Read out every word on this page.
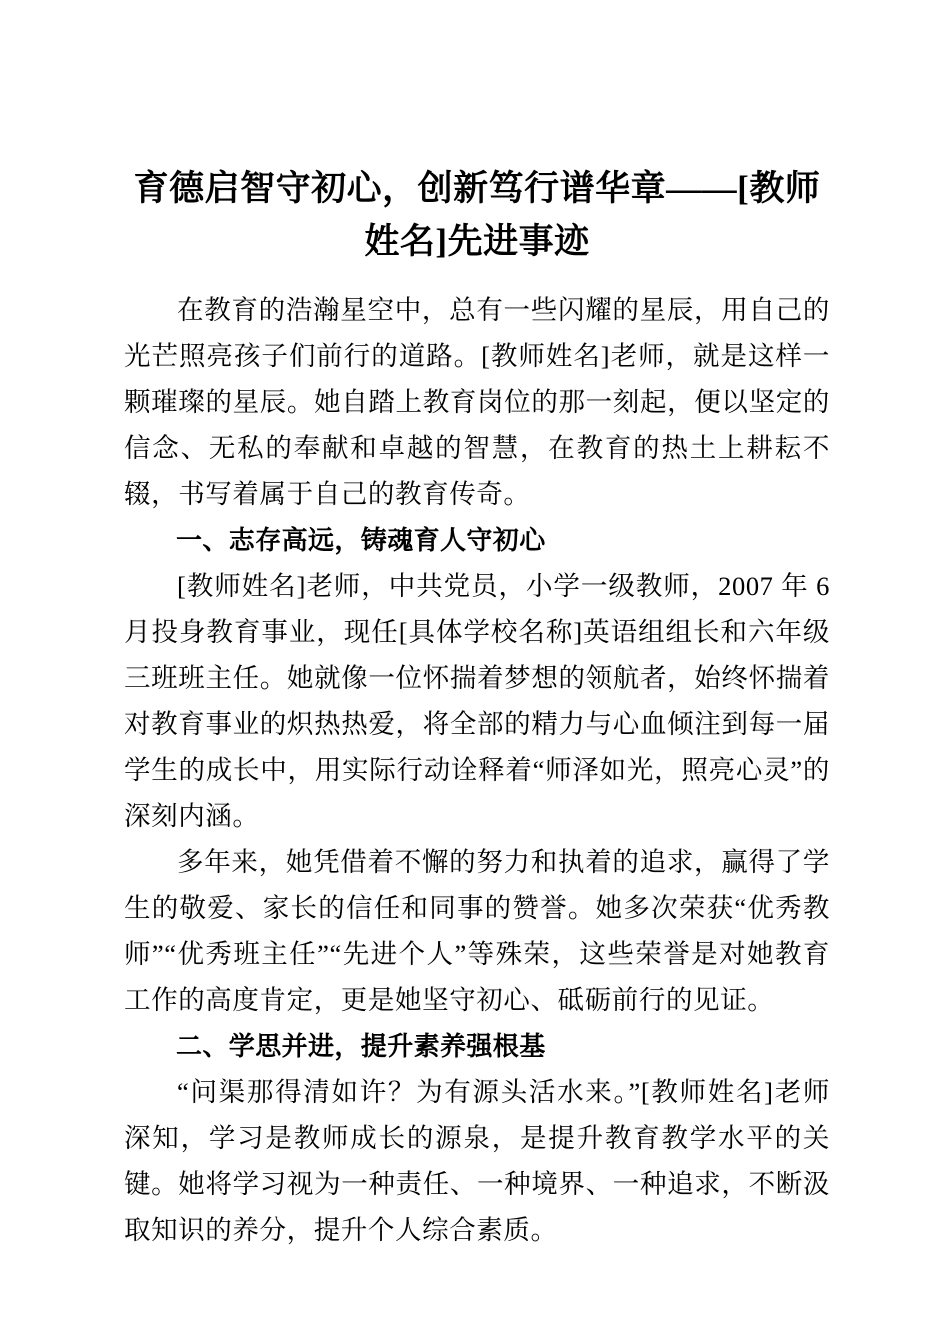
育德启智守初心，创新笃行谱华章——[教师姓名]先进事迹

在教育的浩瀚星空中，总有一些闪耀的星辰，用自己的光芒照亮孩子们前行的道路。[教师姓名]老师，就是这样一颗璀璨的星辰。她自踏上教育岗位的那一刻起，便以坚定的信念、无私的奉献和卓越的智慧，在教育的热土上耕耘不辍，书写着属于自己的教育传奇。

一、志存高远，铸魂育人守初心

[教师姓名]老师，中共党员，小学一级教师，2007 年 6 月投身教育事业，现任[具体学校名称]英语组组长和六年级三班班主任。她就像一位怀揣着梦想的领航者，始终怀揣着对教育事业的炽热热爱，将全部的精力与心血倾注到每一届学生的成长中，用实际行动诠释着“师泽如光，照亮心灵”的深刻内涵。

多年来，她凭借着不懈的努力和执着的追求，赢得了学生的敬爱、家长的信任和同事的赞誉。她多次荣获“优秀教师”“优秀班主任”“先进个人”等殊荣，这些荣誉是对她教育工作的高度肯定，更是她坚守初心、砥砺前行的见证。

二、学思并进，提升素养强根基

“问渠那得清如许？为有源头活水来。”[教师姓名]老师深知，学习是教师成长的源泉，是提升教育教学水平的关键。她将学习视为一种责任、一种境界、一种追求，不断汲取知识的养分，提升个人综合素质。
